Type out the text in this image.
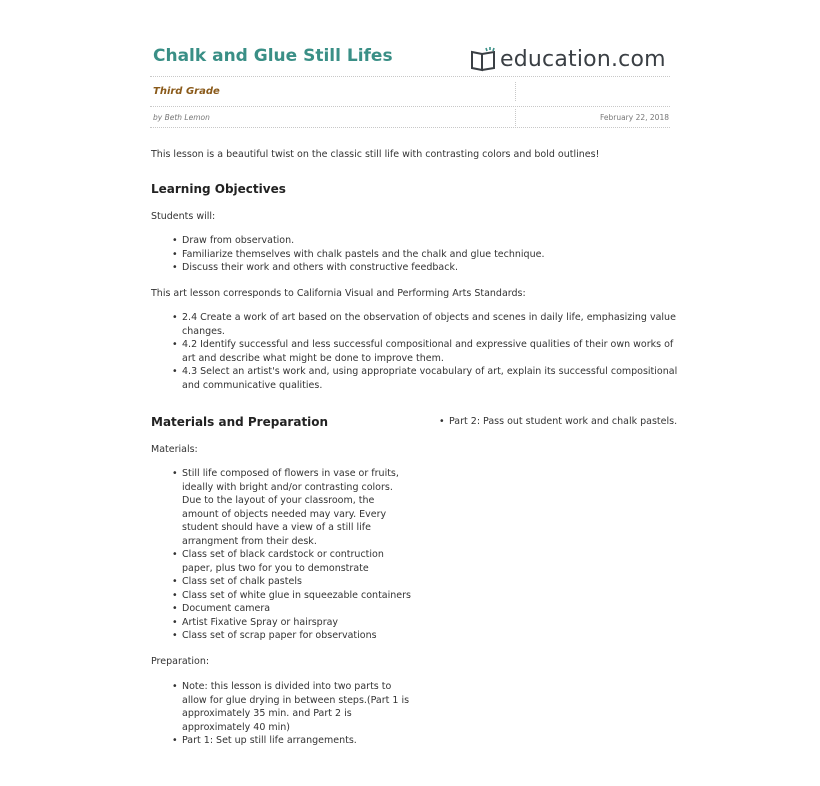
Chalk and Glue Still Lifes	education.com
Third Grade
by Beth Lemon	February 22, 2018
This lesson is a beautiful twist on the classic still life with contrasting colors and bold outlines!
Learning Objectives
Students will:
• Draw from observation.
• Familiarize themselves with chalk pastels and the chalk and glue technique.
• Discuss their work and others with constructive feedback.
This art lesson corresponds to California Visual and Performing Arts Standards:
• 2.4 Create a work of art based on the observation of objects and scenes in daily life, emphasizing value
changes.
• 4.2 Identify successful and less successful compositional and expressive qualities of their own works of
art and describe what might be done to improve them.
• 4.3 Select an artist's work and, using appropriate vocabulary of art, explain its successful compositional
and communicative qualities.
Materials and Preparation
•	Part 2: Pass out student work and chalk pastels.
Materials:
• Still life composed of flowers in vase or fruits,
ideally with bright and/or contrasting colors.
Due to the layout of your classroom, the
amount of objects needed may vary. Every
student should have a view of a still life
arrangment from their desk.
• Class set of black cardstock or contruction
paper, plus two for you to demonstrate
• Class set of chalk pastels
• Class set of white glue in squeezable containers
• Document camera
• Artist Fixative Spray or hairspray
• Class set of scrap paper for observations
Preparation:
• Note: this lesson is divided into two parts to
allow for glue drying in between steps.(Part 1 is
approximately 35 min. and Part 2 is
approximately 40 min)
• Part 1: Set up still life arrangements.
